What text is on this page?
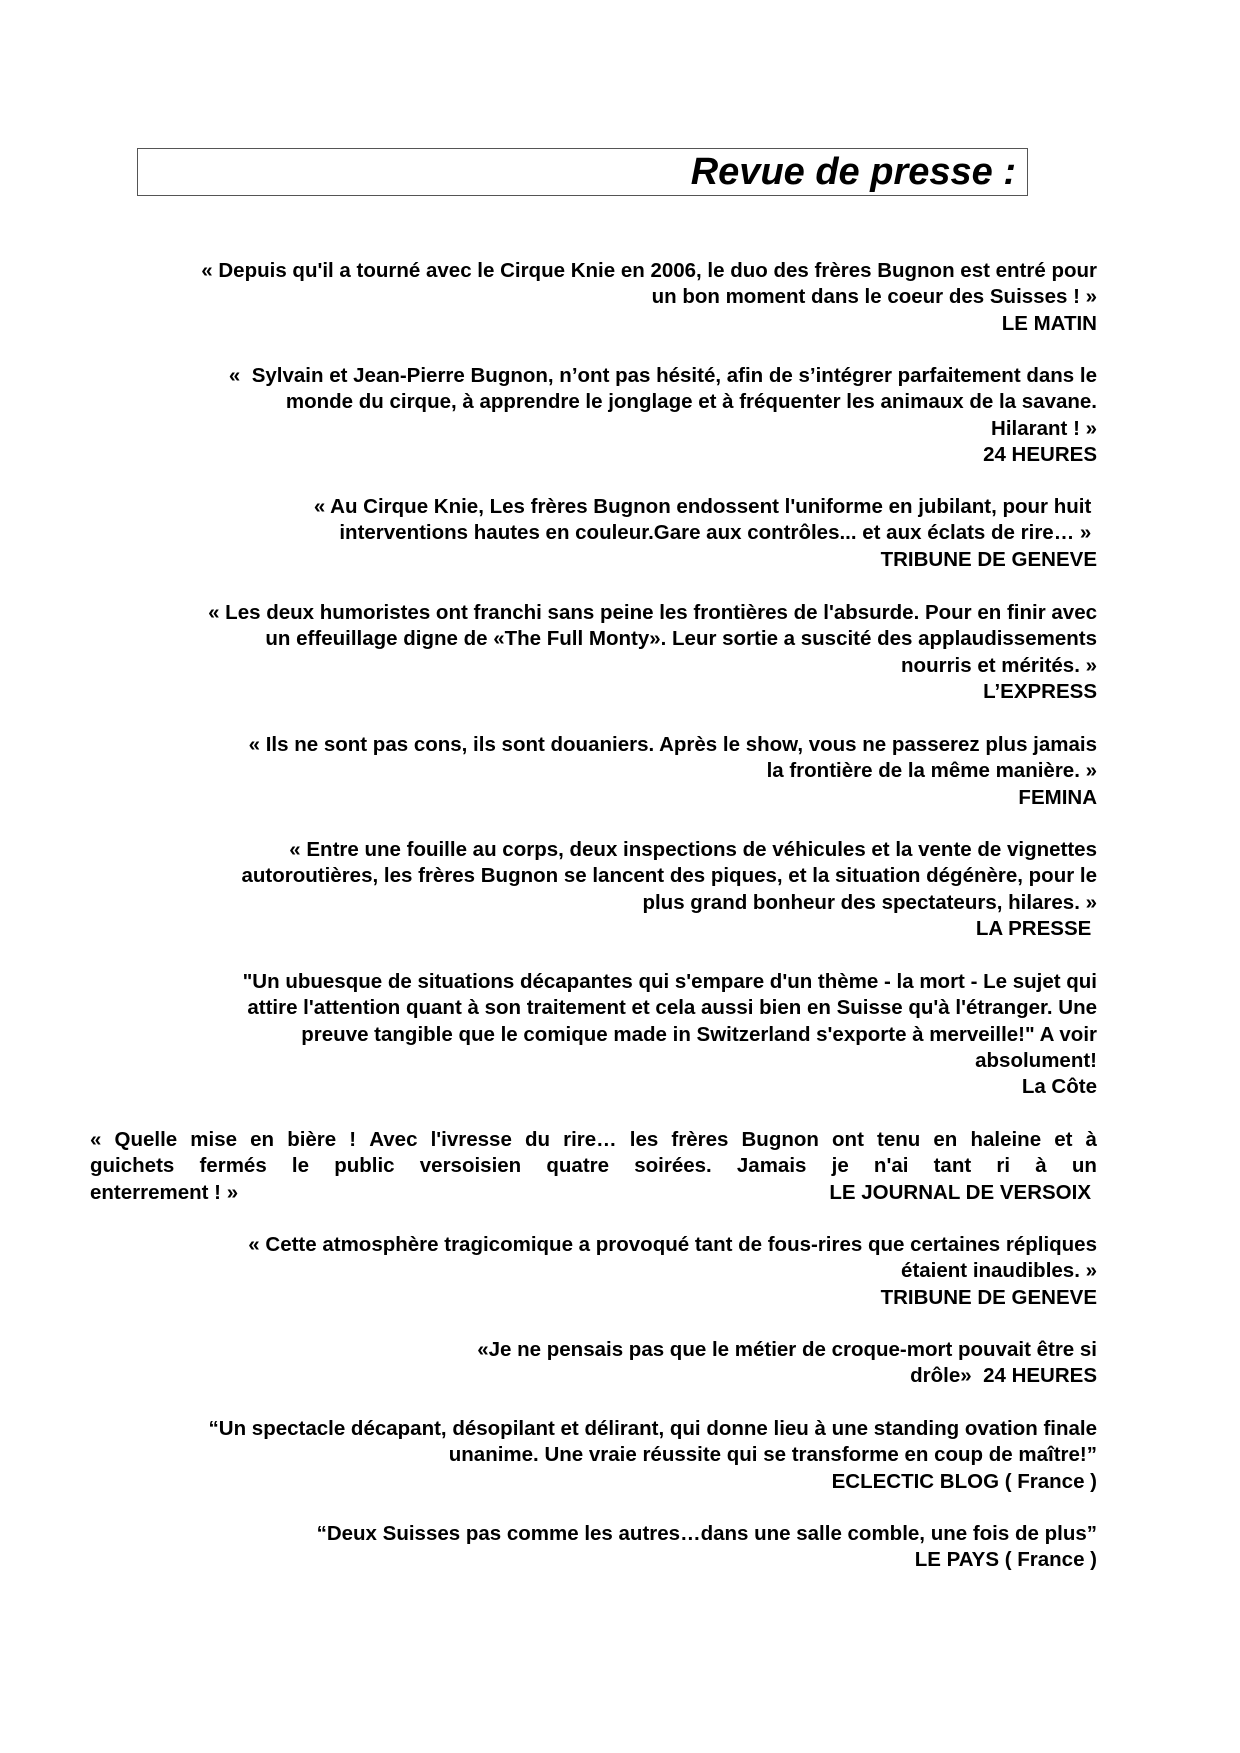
Revue de presse :
« Depuis qu'il a tourné avec le Cirque Knie en 2006, le duo des frères Bugnon est entré pour
un bon moment dans le coeur des Suisses ! »
LE MATIN
«  Sylvain et Jean-Pierre Bugnon, n’ont pas hésité, afin de s’intégrer parfaitement dans le
monde du cirque, à apprendre le jonglage et à fréquenter les animaux de la savane.
Hilarant ! »
24 HEURES
« Au Cirque Knie, Les frères Bugnon endossent l'uniforme en jubilant, pour huit
interventions hautes en couleur.Gare aux contrôles... et aux éclats de rire… »
TRIBUNE DE GENEVE
« Les deux humoristes ont franchi sans peine les frontières de l'absurde. Pour en finir avec
un effeuillage digne de «The Full Monty». Leur sortie a suscité des applaudissements
nourris et mérités. »
L’EXPRESS
« Ils ne sont pas cons, ils sont douaniers. Après le show, vous ne passerez plus jamais
la frontière de la même manière. »
FEMINA
« Entre une fouille au corps, deux inspections de véhicules et la vente de vignettes
autoroutières, les frères Bugnon se lancent des piques, et la situation dégénère, pour le
plus grand bonheur des spectateurs, hilares. »
LA PRESSE
"Un ubuesque de situations décapantes qui s'empare d'un thème - la mort - Le sujet qui
attire l'attention quant à son traitement et cela aussi bien en Suisse qu'à l'étranger. Une
preuve tangible que le comique made in Switzerland s'exporte à merveille!" A voir
absolument!
La Côte
« Quelle mise en bière ! Avec l'ivresse du rire… les frères Bugnon ont tenu en haleine et à
guichets fermés le public versoisien quatre soirées. Jamais je n'ai tant ri à un
enterrement ! »	LE JOURNAL DE VERSOIX
« Cette atmosphère tragicomique a provoqué tant de fous-rires que certaines répliques
étaient inaudibles. »
TRIBUNE DE GENEVE
«Je ne pensais pas que le métier de croque-mort pouvait être si
drôle»  24 HEURES
“Un spectacle décapant, désopilant et délirant, qui donne lieu à une standing ovation finale
unanime. Une vraie réussite qui se transforme en coup de maître!”
ECLECTIC BLOG ( France )
“Deux Suisses pas comme les autres…dans une salle comble, une fois de plus”
LE PAYS ( France )
